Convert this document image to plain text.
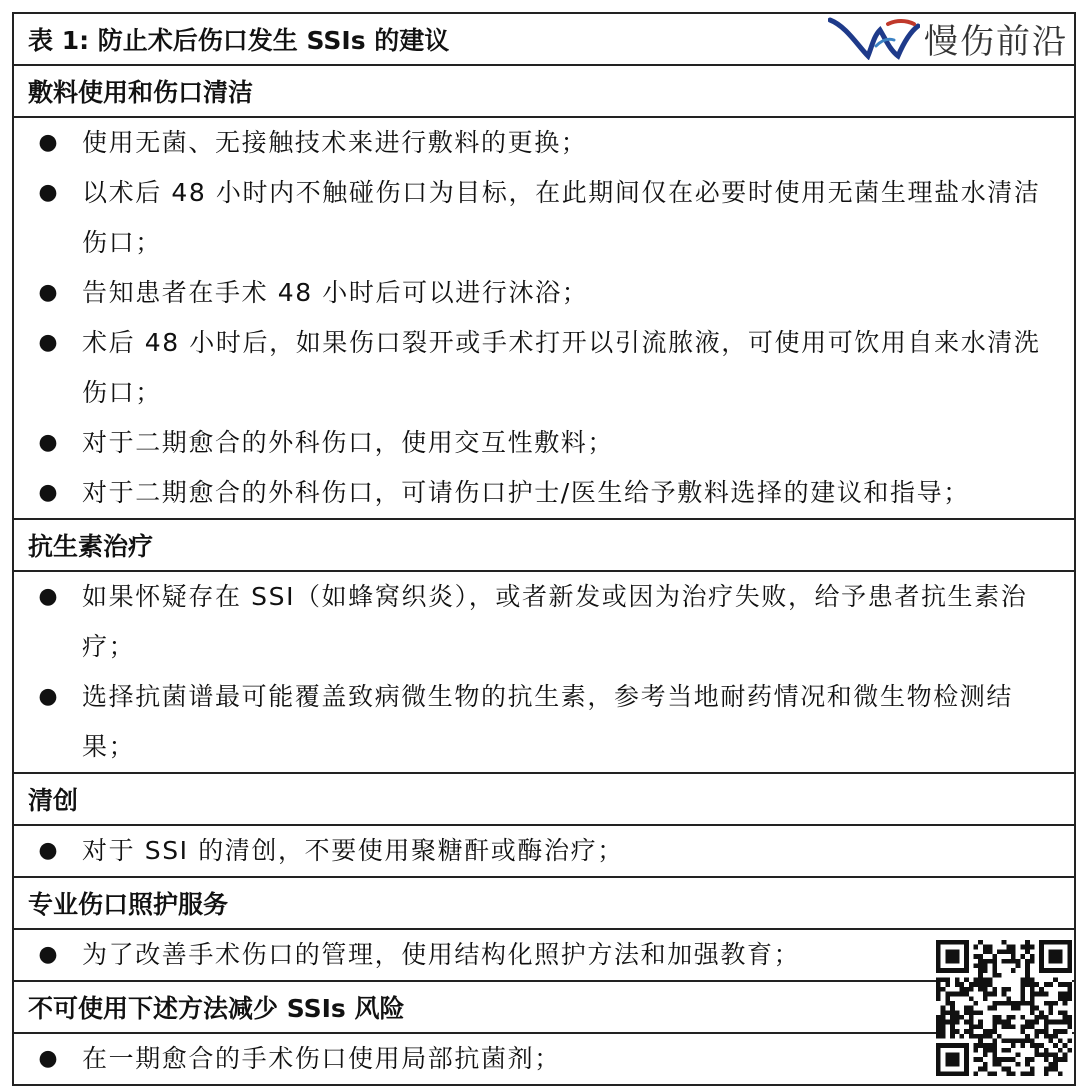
表 1: 防止术后伤口发生 SSIs 的建议
敷料使用和伤口清洁
● 使用无菌、无接触技术来进行敷料的更换；
● 以术后 48 小时内不触碰伤口为目标，在此期间仅在必要时使用无菌生理盐水清洁伤口；
● 告知患者在手术 48 小时后可以进行沐浴；
● 术后 48 小时后，如果伤口裂开或手术打开以引流脓液，可使用可饮用自来水清洗伤口；
● 对于二期愈合的外科伤口，使用交互性敷料；
● 对于二期愈合的外科伤口，可请伤口护士/医生给予敷料选择的建议和指导；
抗生素治疗
● 如果怀疑存在 SSI（如蜂窝织炎），或者新发或因为治疗失败，给予患者抗生素治疗；
● 选择抗菌谱最可能覆盖致病微生物的抗生素，参考当地耐药情况和微生物检测结果；
清创
● 对于 SSI 的清创，不要使用聚糖酐或酶治疗；
专业伤口照护服务
● 为了改善手术伤口的管理，使用结构化照护方法和加强教育；
不可使用下述方法减少 SSIs 风险
● 在一期愈合的手术伤口使用局部抗菌剂；
慢伤前沿
